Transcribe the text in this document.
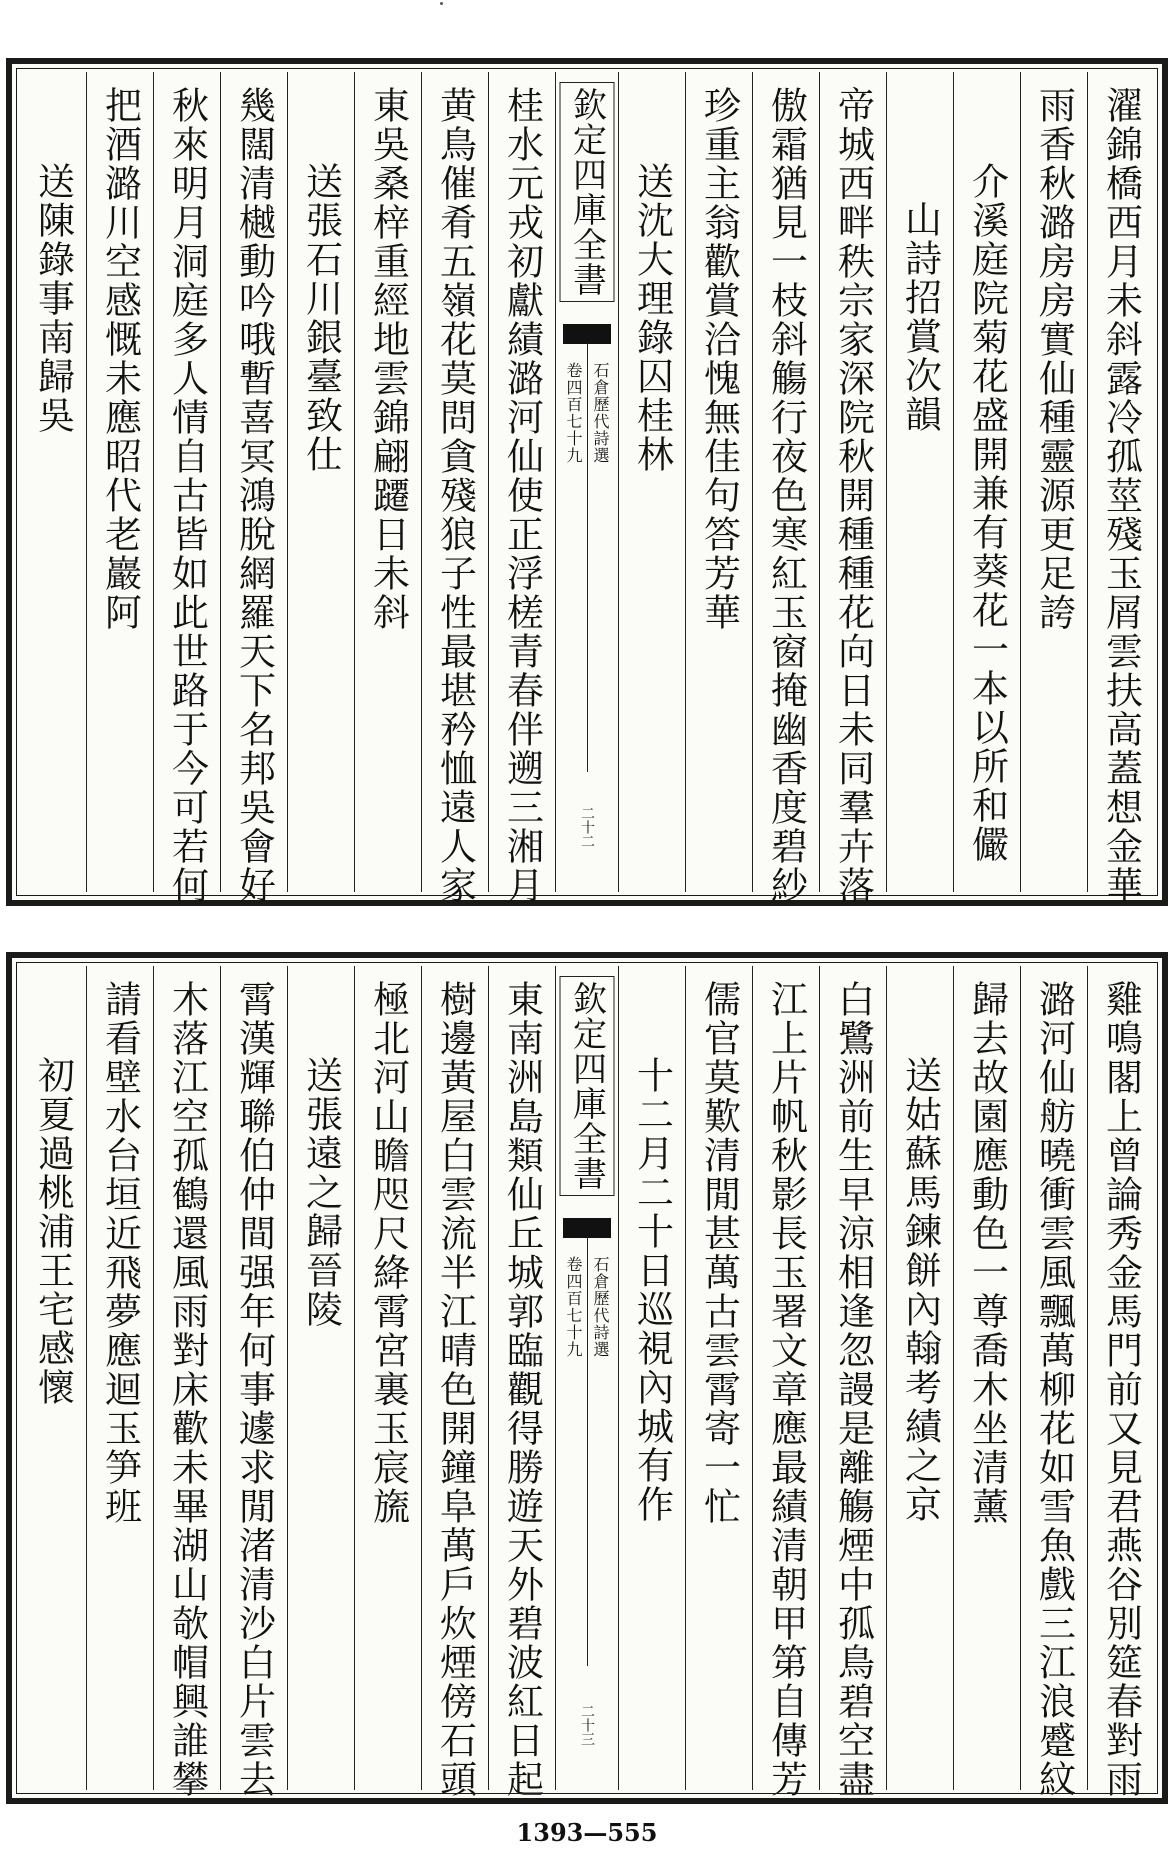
濯錦橋西月未斜露冷孤莖殘玉屑雲扶高蓋想金華
雨香秋潞房房實仙種靈源更足誇
介溪庭院菊花盛開兼有葵花一本以所和儼
山詩招賞次韻
帝城西畔秩宗家深院秋開種種花向日未同羣卉落
傲霜猶見一枝斜觴行夜色寒紅玉窗掩幽香度碧紗
珍重主翁歡賞洽愧無佳句答芳華
送沈大理錄囚桂林
欽定四庫全書
石倉歷代詩選
卷四百七十九
二十二
桂水元戎初獻績潞河仙使正浮槎青春伴遡三湘月
黄鳥催肴五嶺花莫問貪殘狼子性最堪矜恤遠人家
東吳桑梓重經地雲錦翩躚日未斜
送張石川銀臺致仕
幾闊清樾動吟哦暫喜冥鴻脫網羅天下名邦吳會好
秋來明月洞庭多人情自古皆如此世路于今可若何
把酒潞川空感慨未應昭代老巖阿
送陳錄事南歸吳
雞鳴閣上曾論秀金馬門前又見君燕谷別筵春對雨
潞河仙舫曉衝雲風飄萬柳花如雪魚戲三江浪蹙紋
歸去故園應動色一尊喬木坐清薰
送姑蘇馬鍊餅內翰考績之京
白鷺洲前生早涼相逢忽謾是離觴煙中孤鳥碧空盡
江上片帆秋影長玉署文章應最績清朝甲第自傳芳
儒官莫歎清閒甚萬古雲霄寄一忙
十二月二十日巡視內城有作
欽定四庫全書
石倉歷代詩選
卷四百七十九
二十三
東南洲島類仙丘城郭臨觀得勝遊天外碧波紅日起
樹邊黃屋白雲流半江晴色開鐘阜萬戶炊煙傍石頭
極北河山瞻咫尺絳霄宮裏玉宸旒
送張遠之歸晉陵
霄漢輝聯伯仲間强年何事遽求閒渚清沙白片雲去
木落江空孤鶴還風雨對床歡未畢湖山欹帽興誰攀
請看壁水台垣近飛夢應迴玉笋班
初夏過桃浦王宅感懷
1393—555
